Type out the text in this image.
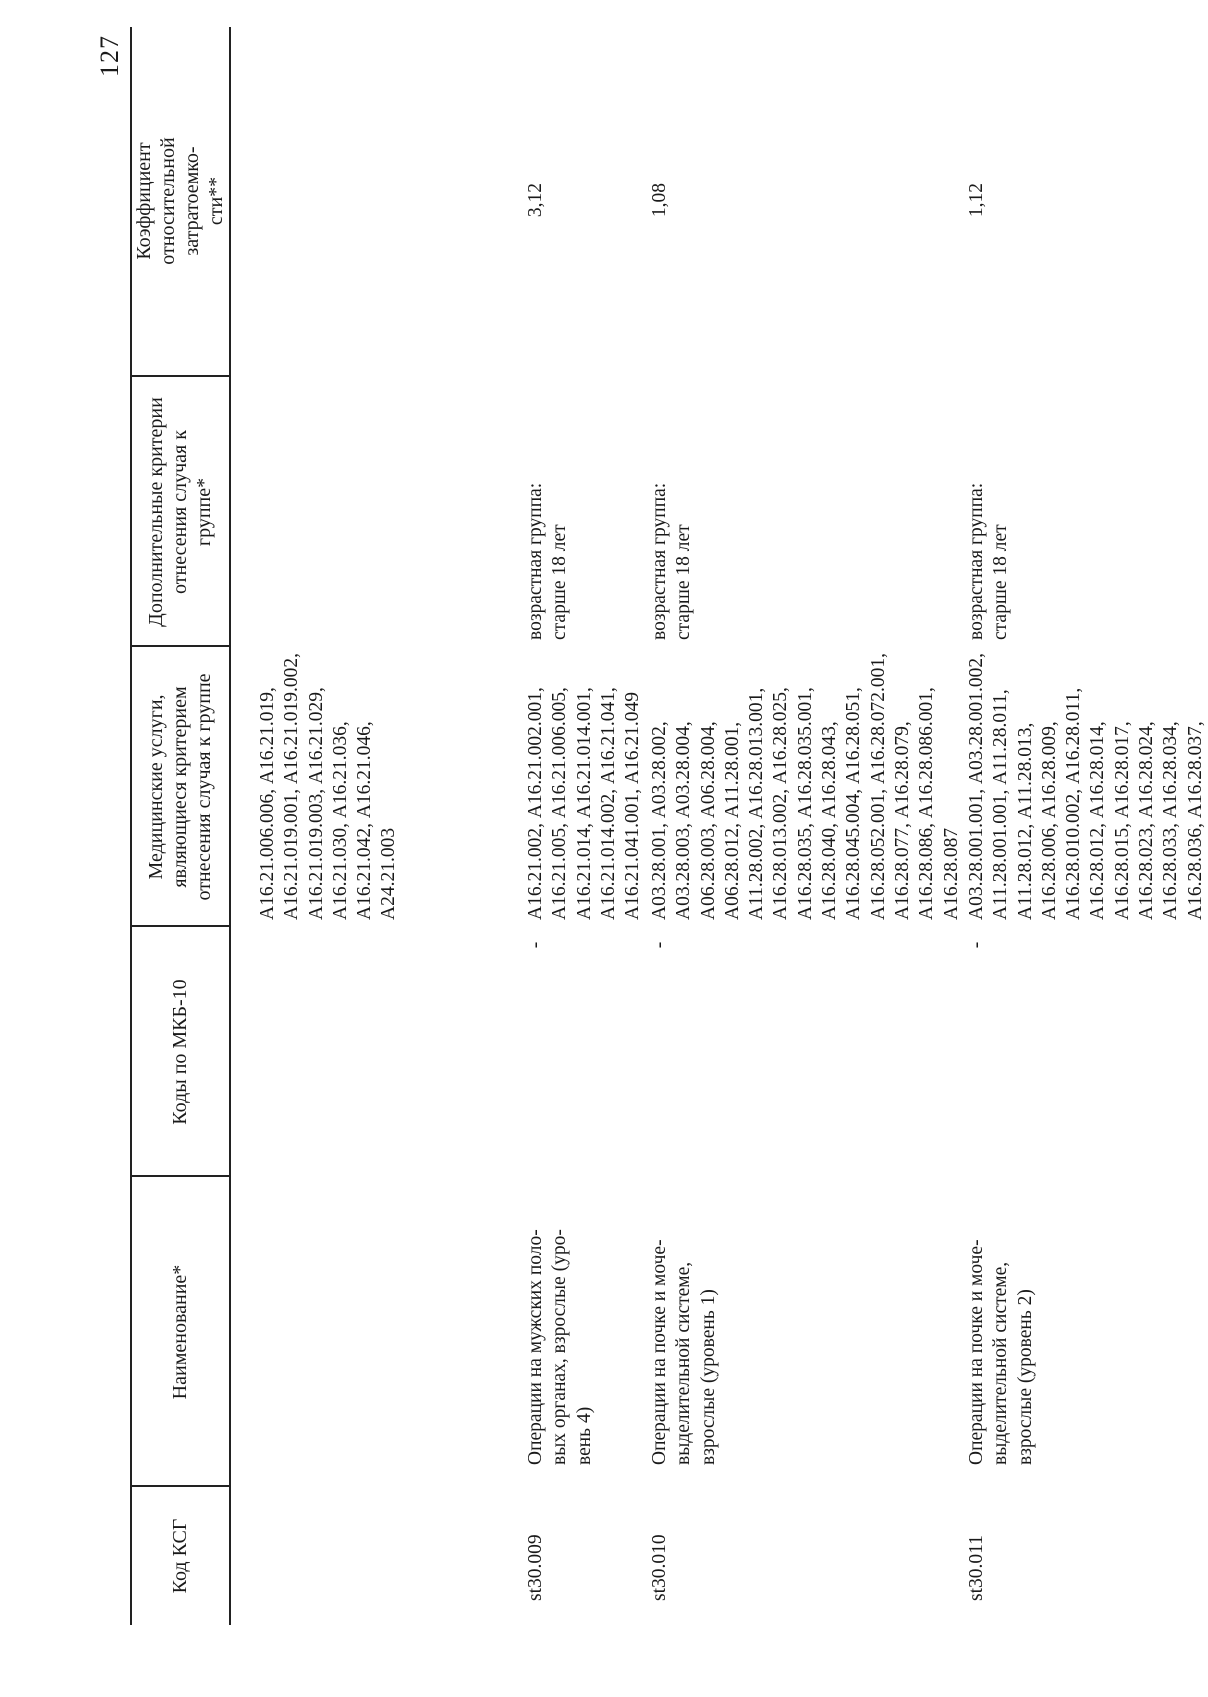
127
Код КСГ
Наименование*
Коды по МКБ-10
Медицинские услуги,
являющиеся критерием
отнесения случая к группе
Дополнительные критерии
отнесения случая к
группе*
Коэффициент
относительной
затратоемко-
сти**
А16.21.006.006, А16.21.019,
А16.21.019.001, А16.21.019.002,
А16.21.019.003, А16.21.029,
А16.21.030, А16.21.036,
А16.21.042, А16.21.046,
А24.21.003
st30.009
Операции на мужских поло-
вых органах, взрослые (уро-
вень 4)
-
А16.21.002, А16.21.002.001,
А16.21.005, А16.21.006.005,
А16.21.014, А16.21.014.001,
А16.21.014.002, А16.21.041,
А16.21.041.001, А16.21.049
возрастная группа:
старше 18 лет
3,12
st30.010
Операции на почке и моче-
выделительной системе,
взрослые (уровень 1)
-
А03.28.001, А03.28.002,
А03.28.003, А03.28.004,
А06.28.003, А06.28.004,
А06.28.012, А11.28.001,
А11.28.002, А16.28.013.001,
А16.28.013.002, А16.28.025,
А16.28.035, А16.28.035.001,
А16.28.040, А16.28.043,
А16.28.045.004, А16.28.051,
А16.28.052.001, А16.28.072.001,
А16.28.077, А16.28.079,
А16.28.086, А16.28.086.001,
А16.28.087
возрастная группа:
старше 18 лет
1,08
st30.011
Операции на почке и моче-
выделительной системе,
взрослые (уровень 2)
-
А03.28.001.001, А03.28.001.002,
А11.28.001.001, А11.28.011,
А11.28.012, А11.28.013,
А16.28.006, А16.28.009,
А16.28.010.002, А16.28.011,
А16.28.012, А16.28.014,
А16.28.015, А16.28.017,
А16.28.023, А16.28.024,
А16.28.033, А16.28.034,
А16.28.036, А16.28.037,
возрастная группа:
старше 18 лет
1,12
